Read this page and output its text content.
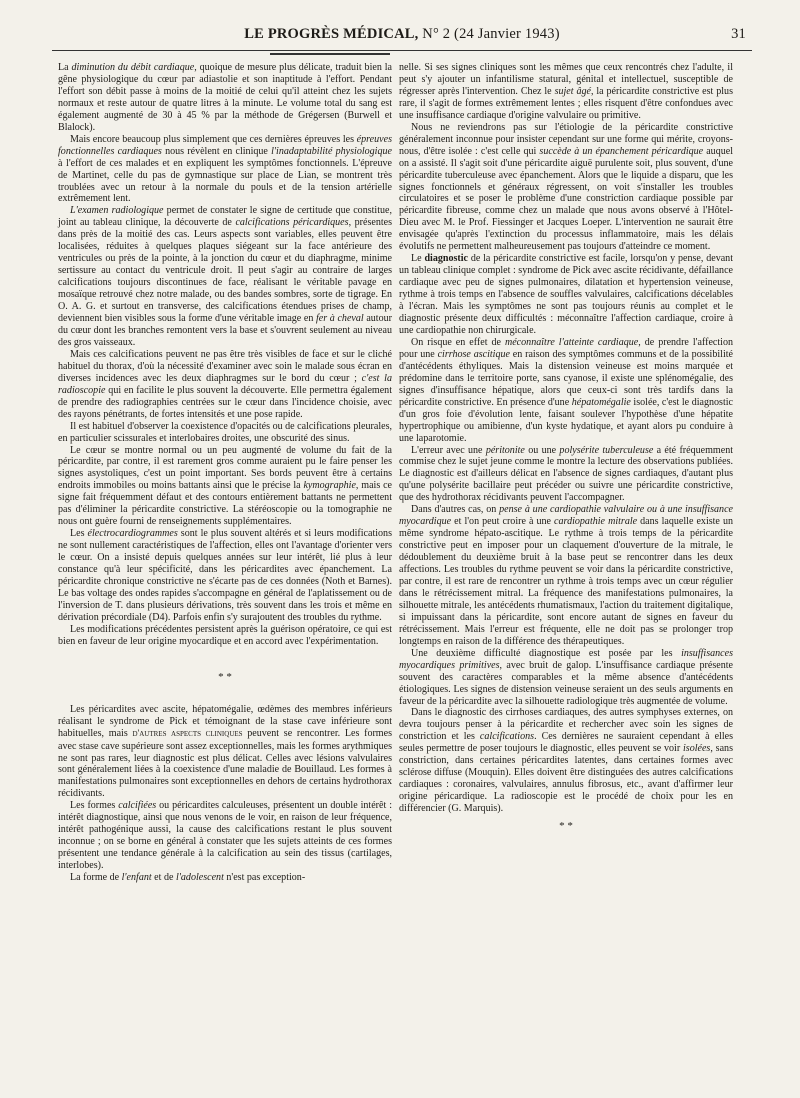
LE PROGRÈS MÉDICAL, N° 2 (24 Janvier 1943)	31

La diminution du débit cardiaque, quoique de mesure plus délicate, traduit bien la gêne physiologique du cœur par adiastolie et son inaptitude à l'effort. Pendant l'effort son débit passe à moins de la moitié de celui qu'il atteint chez les sujets normaux et reste autour de quatre litres à la minute. Le volume total du sang est également augmenté de 30 à 45 % par la méthode de Grégersen (Burwell et Blalock).

Mais encore beaucoup plus simplement que ces dernières épreuves les épreuves fonctionnelles cardiaques nous révèlent en clinique l'inadaptabilité physiologique à l'effort de ces malades et en expliquent les symptômes fonctionnels. L'épreuve de Martinet, celle du pas de gymnastique sur place de Lian, se montrent très troublées avec un retour à la normale du pouls et de la tension artérielle extrêmement lent.

L'examen radiologique permet de constater le signe de certitude que constitue, joint au tableau clinique, la découverte de calcifications péricardiques, présentes dans près de la moitié des cas. Leurs aspects sont variables, elles peuvent être localisées, réduites à quelques plaques siégeant sur la face antérieure des ventricules ou près de la pointe, à la jonction du cœur et du diaphragme, minime sertissure au contact du ventricule droit. Il peut s'agir au contraire de larges calcifications toujours discontinues de face, réalisant le véritable pavage en mosaïque retrouvé chez notre malade, ou des bandes sombres, sorte de tigrage. En O. A. G. et surtout en transverse, des calcifications étendues prises de champ, deviennent bien visibles sous la forme d'une véritable image en fer à cheval autour du cœur dont les branches remontent vers la base et s'ouvrent seulement au niveau des gros vaisseaux.

Mais ces calcifications peuvent ne pas être très visibles de face et sur le cliché habituel du thorax, d'où la nécessité d'examiner avec soin le malade sous écran en diverses incidences avec les deux diaphragmes sur le bord du cœur ; c'est la radioscopie qui en facilite le plus souvent la découverte. Elle permettra également de prendre des radiographies centrées sur le cœur dans l'incidence choisie, avec des rayons pénétrants, de fortes intensités et une pose rapide.

Il est habituel d'observer la coexistence d'opacités ou de calcifications pleurales, en particulier scissurales et interlobaires droites, une obscurité des sinus.

Le cœur se montre normal ou un peu augmenté de volume du fait de la péricardite, par contre, il est rarement gros comme auraient pu le faire penser les signes asystoliques, c'est un point important. Ses bords peuvent être à certains endroits immobiles ou moins battants ainsi que le précise la kymographie, mais ce signe fait fréquemment défaut et des contours entièrement battants ne permettent pas d'éliminer la péricardite constrictive. La stéréoscopie ou la tomographie ne nous ont guère fourni de renseignements supplémentaires.

Les électrocardiogrammes sont le plus souvent altérés et si leurs modifications ne sont nullement caractéristiques de l'affection, elles ont l'avantage d'orienter vers le cœur. On a insisté depuis quelques années sur leur intérêt, lié plus à leur constance qu'à leur spécificité, dans les péricardites avec épanchement. La péricardite chronique constrictive ne s'écarte pas de ces données (Noth et Barnes). Le bas voltage des ondes rapides s'accompagne en général de l'aplatissement ou de l'inversion de T. dans plusieurs dérivations, très souvent dans les trois et même en dérivation précordiale (D4). Parfois enfin s'y surajoutent des troubles du rythme.

Les modifications précédentes persistent après la guérison opératoire, ce qui est bien en faveur de leur origine myocardique et en accord avec l'expérimentation.

* *

Les péricardites avec ascite, hépatomégalie, œdèmes des membres inférieurs réalisant le syndrome de Pick et témoignant de la stase cave inférieure sont habituelles, mais d'autres aspects cliniques peuvent se rencontrer. Les formes avec stase cave supérieure sont assez exceptionnelles, mais les formes arythmiques ne sont pas rares, leur diagnostic est plus délicat. Celles avec lésions valvulaires sont généralement liées à la coexistence d'une maladie de Bouillaud. Les formes à manifestations pulmonaires sont exceptionnelles en dehors de certains hydrothorax récidivants.

Les formes calcifiées ou péricardites calculeuses, présentent un double intérêt : intérêt diagnostique, ainsi que nous venons de le voir, en raison de leur fréquence, intérêt pathogénique aussi, la cause des calcifications restant le plus souvent inconnue ; on se borne en général à constater que les sujets atteints de ces formes présentent une tendance générale à la calcification au sein des tissus (cartilages, interlobes).

La forme de l'enfant et de l'adolescent n'est pas exception-

nelle. Si ses signes cliniques sont les mêmes que ceux rencontrés chez l'adulte, il peut s'y ajouter un infantilisme statural, génital et intellectuel, susceptible de régresser après l'intervention. Chez le sujet âgé, la péricardite constrictive est plus rare, il s'agit de formes extrêmement lentes ; elles risquent d'être confondues avec une insuffisance cardiaque d'origine valvulaire ou primitive.

Nous ne reviendrons pas sur l'étiologie de la péricardite constrictive généralement inconnue pour insister cependant sur une forme qui mérite, croyons-nous, d'être isolée : c'est celle qui succède à un épanchement péricardique auquel on a assisté. Il s'agit soit d'une péricardite aiguë purulente soit, plus souvent, d'une péricardite tuberculeuse avec épanchement. Alors que le liquide a disparu, que les signes fonctionnels et généraux régressent, on voit s'installer les troubles circulatoires et se poser le problème d'une constriction cardiaque possible par péricardite fibreuse, comme chez un malade que nous avons observé à l'Hôtel-Dieu avec M. le Prof. Fiessinger et Jacques Loeper. L'intervention ne saurait être envisagée qu'après l'extinction du processus inflammatoire, mais les délais évolutifs ne permettent malheureusement pas toujours d'atteindre ce moment.

Le diagnostic de la péricardite constrictive est facile, lorsqu'on y pense, devant un tableau clinique complet : syndrome de Pick avec ascite récidivante, défaillance cardiaque avec peu de signes pulmonaires, dilatation et hypertension veineuse, rythme à trois temps en l'absence de souffles valvulaires, calcifications décelables à l'écran. Mais les symptômes ne sont pas toujours réunis au complet et le diagnostic présente deux difficultés : méconnaître l'affection cardiaque, croire à une cardiopathie non chirurgicale.

On risque en effet de méconnaître l'atteinte cardiaque, de prendre l'affection pour une cirrhose ascitique en raison des symptômes communs et de la possibilité d'antécédents éthyliques. Mais la distension veineuse est moins marquée et prédomine dans le territoire porte, sans cyanose, il existe une splénomégalie, des signes d'insuffisance hépatique, alors que ceux-ci sont très tardifs dans la péricardite constrictive. En présence d'une hépatomégalie isolée, c'est le diagnostic d'un gros foie d'évolution lente, faisant soulever l'hypothèse d'une hépatite hypertrophique ou amibienne, d'un kyste hydatique, et ayant alors pu conduire à une laparotomie.

L'erreur avec une péritonite ou une polysérite tuberculeuse a été fréquemment commise chez le sujet jeune comme le montre la lecture des observations publiées. Le diagnostic est d'ailleurs délicat en l'absence de signes cardiaques, d'autant plus qu'une polysérite bacillaire peut précéder ou suivre une péricardite constrictive, que des hydrothorax récidivants peuvent l'accompagner.

Dans d'autres cas, on pense à une cardiopathie valvulaire ou à une insuffisance myocardique et l'on peut croire à une cardiopathie mitrale dans laquelle existe un même syndrome hépato-ascitique. Le rythme à trois temps de la péricardite constrictive peut en imposer pour un claquement d'ouverture de la mitrale, le dédoublement du deuxième bruit à la base peut se rencontrer dans les deux affections. Les troubles du rythme peuvent se voir dans la péricardite constrictive, par contre, il est rare de rencontrer un rythme à trois temps avec un cœur régulier dans le rétrécissement mitral. La fréquence des manifestations pulmonaires, la silhouette mitrale, les antécédents rhumatismaux, l'action du traitement digitalique, si impuissant dans la péricardite, sont encore autant de signes en faveur du rétrécissement. Mais l'erreur est fréquente, elle ne doit pas se prolonger trop longtemps en raison de la différence des thérapeutiques.

Une deuxième difficulté diagnostique est posée par les insuffisances myocardiques primitives, avec bruit de galop. L'insuffisance cardiaque présente souvent des caractères comparables et la même absence d'antécédents étiologiques. Les signes de distension veineuse seraient un des seuls arguments en faveur de la péricardite avec la silhouette radiologique très augmentée de volume.

Dans le diagnostic des cirrhoses cardiaques, des autres symphyses externes, on devra toujours penser à la péricardite et rechercher avec soin les signes de constriction et les calcifications. Ces dernières ne sauraient cependant à elles seules permettre de poser toujours le diagnostic, elles peuvent se voir isolées, sans constriction, dans certaines péricardites latentes, dans certaines formes avec sclérose diffuse (Mouquin). Elles doivent être distinguées des autres calcifications cardiaques : coronaires, valvulaires, annulus fibrosus, etc., avant d'affirmer leur origine péricardique. La radioscopie est le procédé de choix pour les en différencier (G. Marquis).

* *
